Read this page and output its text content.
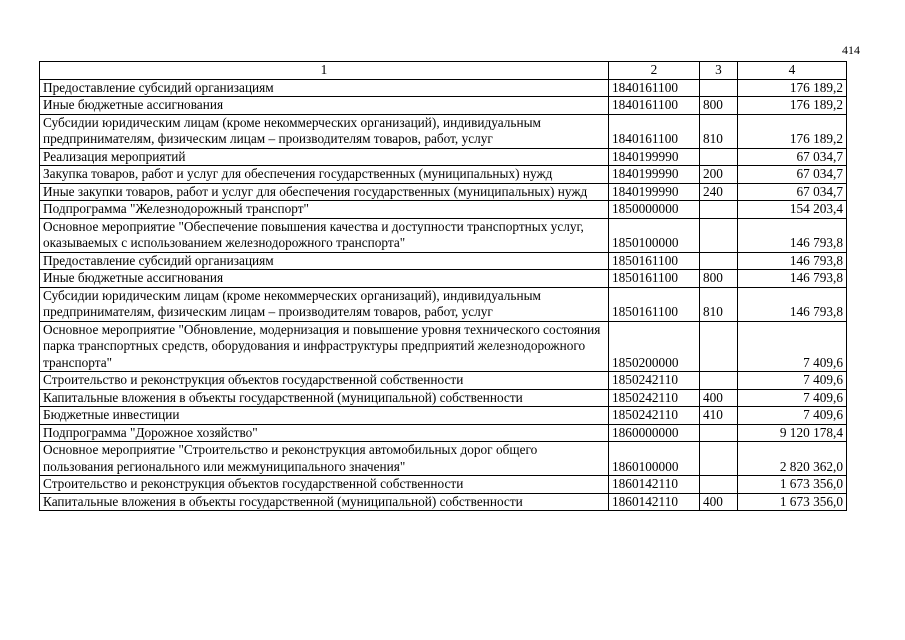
414
1	2	3	4
Предоставление субсидий организациям	1840161100		176 189,2
Иные бюджетные ассигнования	1840161100	800	176 189,2
Субсидии юридическим лицам (кроме некоммерческих организаций), индивидуальным предпринимателям, физическим лицам – производителям товаров, работ, услуг	1840161100	810	176 189,2
Реализация мероприятий	1840199990		67 034,7
Закупка товаров, работ и услуг для обеспечения государственных (муниципальных) нужд	1840199990	200	67 034,7
Иные закупки товаров, работ и услуг для обеспечения государственных (муниципальных) нужд	1840199990	240	67 034,7
Подпрограмма "Железнодорожный транспорт"	1850000000		154 203,4
Основное мероприятие "Обеспечение повышения качества и доступности транспортных услуг, оказываемых с использованием железнодорожного транспорта"	1850100000		146 793,8
Предоставление субсидий организациям	1850161100		146 793,8
Иные бюджетные ассигнования	1850161100	800	146 793,8
Субсидии юридическим лицам (кроме некоммерческих организаций), индивидуальным предпринимателям, физическим лицам – производителям товаров, работ, услуг	1850161100	810	146 793,8
Основное мероприятие "Обновление, модернизация и повышение уровня технического состояния парка транспортных средств, оборудования и инфраструктуры предприятий железнодорожного транспорта"	1850200000		7 409,6
Строительство и реконструкция объектов государственной собственности	1850242110		7 409,6
Капитальные вложения в объекты государственной (муниципальной) собственности	1850242110	400	7 409,6
Бюджетные инвестиции	1850242110	410	7 409,6
Подпрограмма "Дорожное хозяйство"	1860000000		9 120 178,4
Основное мероприятие "Строительство и реконструкция автомобильных дорог общего пользования регионального или межмуниципального значения"	1860100000		2 820 362,0
Строительство и реконструкция объектов государственной собственности	1860142110		1 673 356,0
Капитальные вложения в объекты государственной (муниципальной) собственности	1860142110	400	1 673 356,0
